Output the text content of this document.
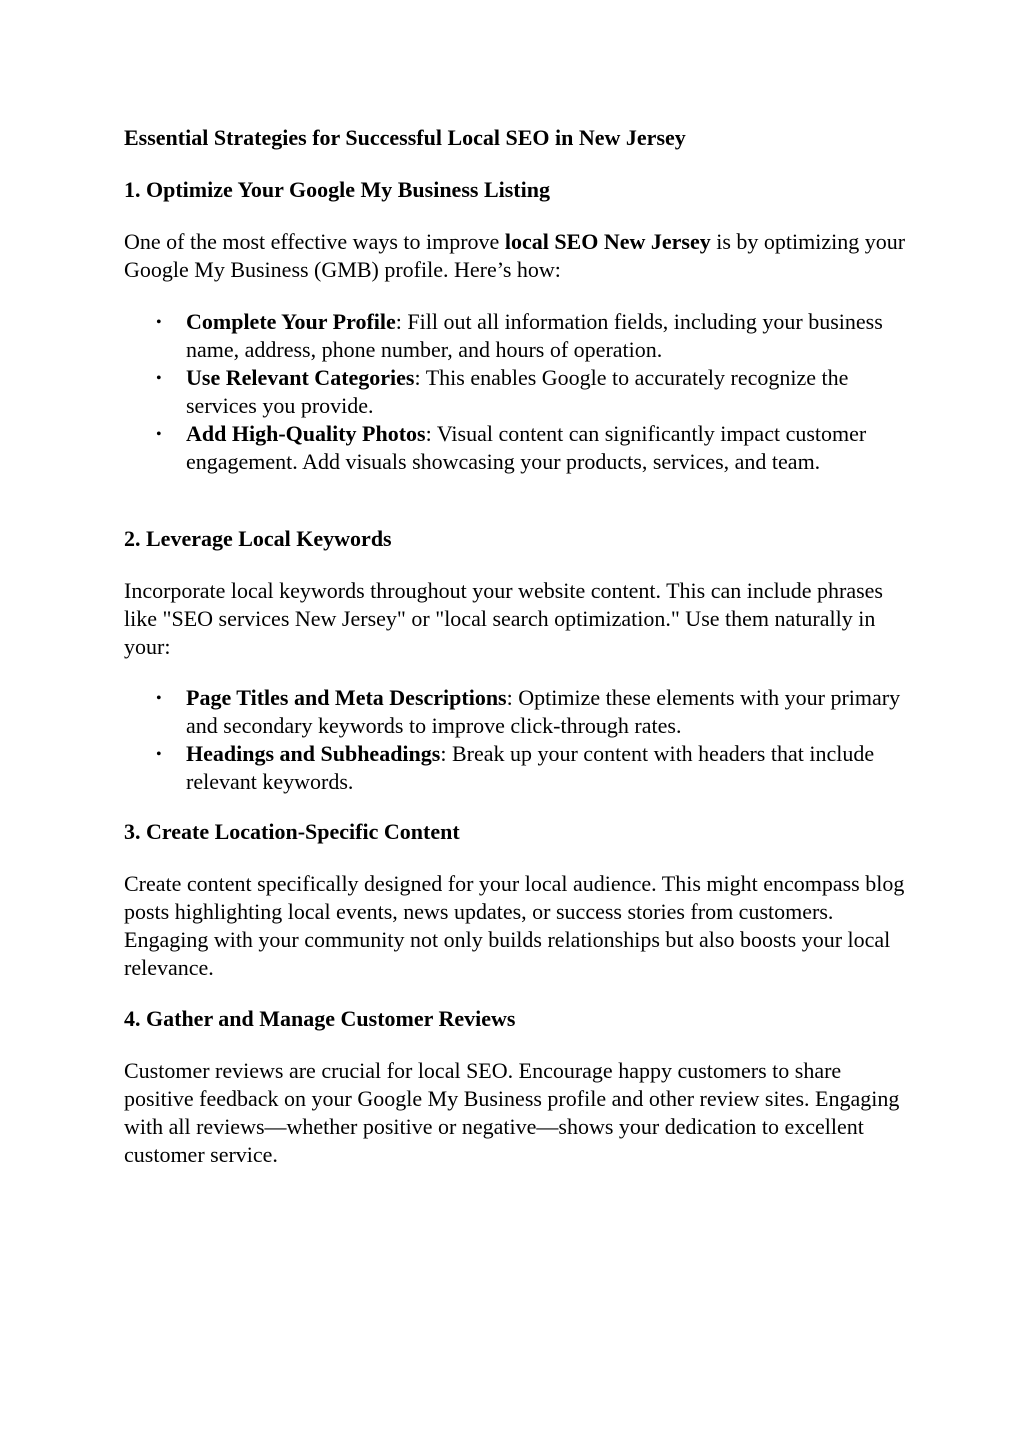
Essential Strategies for Successful Local SEO in New Jersey
1. Optimize Your Google My Business Listing

One of the most effective ways to improve local SEO New Jersey is by optimizing your Google My Business (GMB) profile. Here’s how:

• Complete Your Profile: Fill out all information fields, including your business name, address, phone number, and hours of operation.
• Use Relevant Categories: This enables Google to accurately recognize the services you provide.
• Add High-Quality Photos: Visual content can significantly impact customer engagement. Add visuals showcasing your products, services, and team.
2. Leverage Local Keywords

Incorporate local keywords throughout your website content. This can include phrases like "SEO services New Jersey" or "local search optimization." Use them naturally in your:

• Page Titles and Meta Descriptions: Optimize these elements with your primary and secondary keywords to improve click-through rates.
• Headings and Subheadings: Break up your content with headers that include relevant keywords.
3. Create Location-Specific Content

Create content specifically designed for your local audience. This might encompass blog posts highlighting local events, news updates, or success stories from customers. Engaging with your community not only builds relationships but also boosts your local relevance.

4. Gather and Manage Customer Reviews

Customer reviews are crucial for local SEO. Encourage happy customers to share positive feedback on your Google My Business profile and other review sites. Engaging with all reviews—whether positive or negative—shows your dedication to excellent customer service.
